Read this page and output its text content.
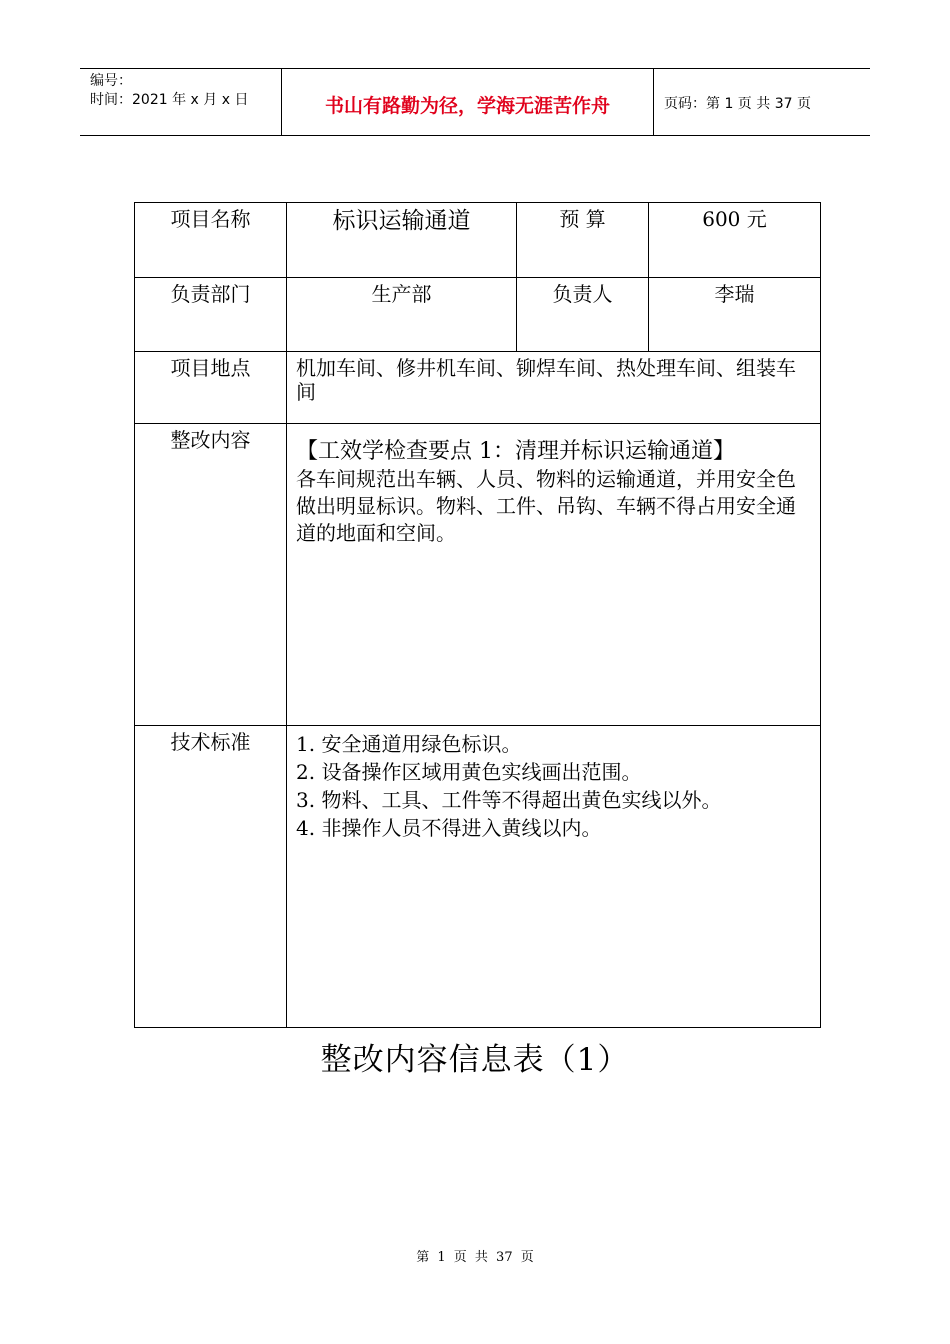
编号：
时间：2021 年 x 月 x 日	书山有路勤为径，学海无涯苦作舟	页码：第 1 页 共 37 页
项目名称	标识运输通道	预 算	600 元
负责部门	生产部	负责人	李瑞
项目地点	机加车间、修井机车间、铆焊车间、热处理车间、组装车间		
整改内容	【工效学检查要点 1：清理并标识运输通道】
各车间规范出车辆、人员、物料的运输通道，并用安全色做出明显标识。物料、工件、吊钩、车辆不得占用安全通道的地面和空间。		

技术标准	1. 安全通道用绿色标识。
2. 设备操作区域用黄色实线画出范围。
3. 物料、工具、工件等不得超出黄色实线以外。
4. 非操作人员不得进入黄线以内。		
整改内容信息表（1）
第 1 页 共 37 页
